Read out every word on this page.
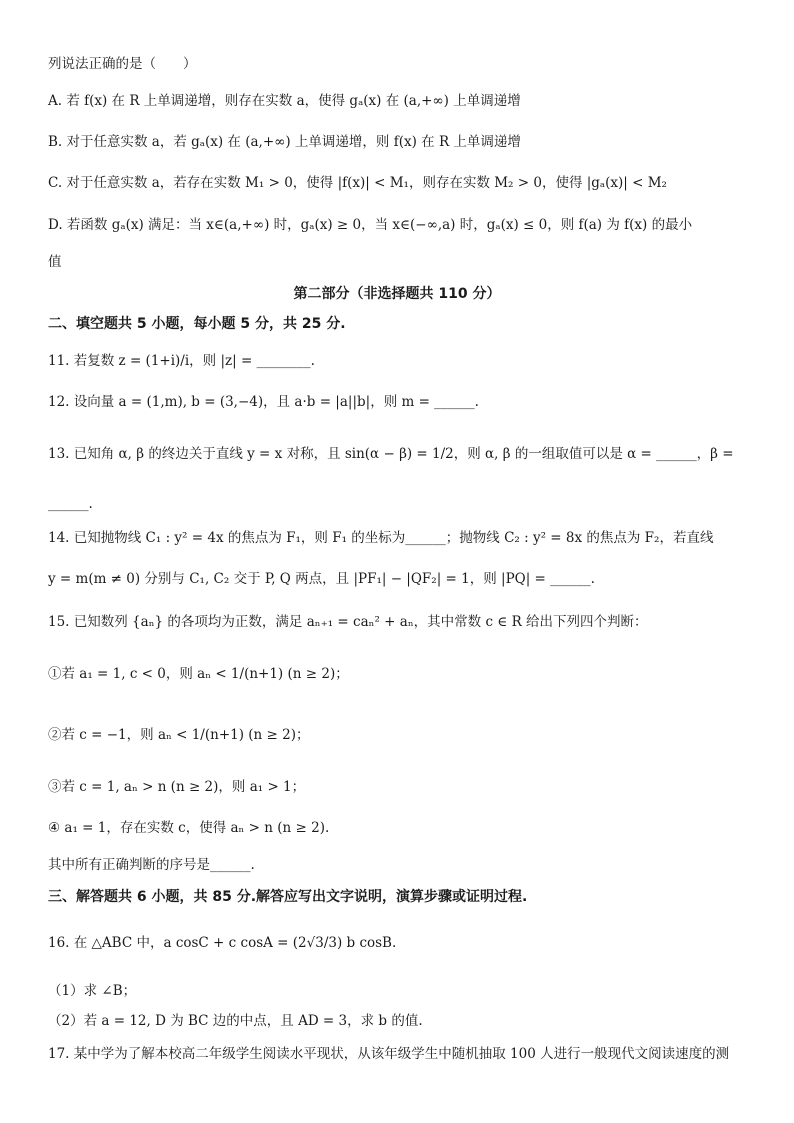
列说法正确的是（　　）
A. 若 f(x) 在 R 上单调递增，则存在实数 a，使得 gₐ(x) 在 (a,+∞) 上单调递增
B. 对于任意实数 a，若 gₐ(x) 在 (a,+∞) 上单调递增，则 f(x) 在 R 上单调递增
C. 对于任意实数 a，若存在实数 M₁ > 0，使得 |f(x)| < M₁，则存在实数 M₂ > 0，使得 |gₐ(x)| < M₂
D. 若函数 gₐ(x) 满足：当 x∈(a,+∞) 时，gₐ(x) ≥ 0，当 x∈(−∞,a) 时，gₐ(x) ≤ 0，则 f(a) 为 f(x) 的最小
值
第二部分（非选择题共 110 分）
二、填空题共 5 小题，每小题 5 分，共 25 分.
11. 若复数 z = (1+i)/i，则 |z| = ________.
12. 设向量 a = (1,m), b = (3,−4)，且 a·b = |a||b|，则 m = ______.
13. 已知角 α, β 的终边关于直线 y = x 对称，且 sin(α − β) = 1/2，则 α, β 的一组取值可以是 α = ______，β =
______.
14. 已知抛物线 C₁ : y² = 4x 的焦点为 F₁，则 F₁ 的坐标为______；抛物线 C₂ : y² = 8x 的焦点为 F₂，若直线
y = m(m ≠ 0) 分别与 C₁, C₂ 交于 P, Q 两点，且 |PF₁| − |QF₂| = 1，则 |PQ| = ______.
15. 已知数列 {aₙ} 的各项均为正数，满足 aₙ₊₁ = caₙ² + aₙ，其中常数 c ∈ R 给出下列四个判断：
①若 a₁ = 1, c < 0，则 aₙ < 1/(n+1) (n ≥ 2)；
②若 c = −1，则 aₙ < 1/(n+1) (n ≥ 2)；
③若 c = 1, aₙ > n (n ≥ 2)，则 a₁ > 1；
④ a₁ = 1，存在实数 c，使得 aₙ > n (n ≥ 2).
其中所有正确判断的序号是______.
三、解答题共 6 小题，共 85 分.解答应写出文字说明，演算步骤或证明过程.
16. 在 △ABC 中，a cosC + c cosA = (2√3/3) b cosB.
（1）求 ∠B；
（2）若 a = 12, D 为 BC 边的中点，且 AD = 3，求 b 的值.
17. 某中学为了解本校高二年级学生阅读水平现状，从该年级学生中随机抽取 100 人进行一般现代文阅读速度的测
